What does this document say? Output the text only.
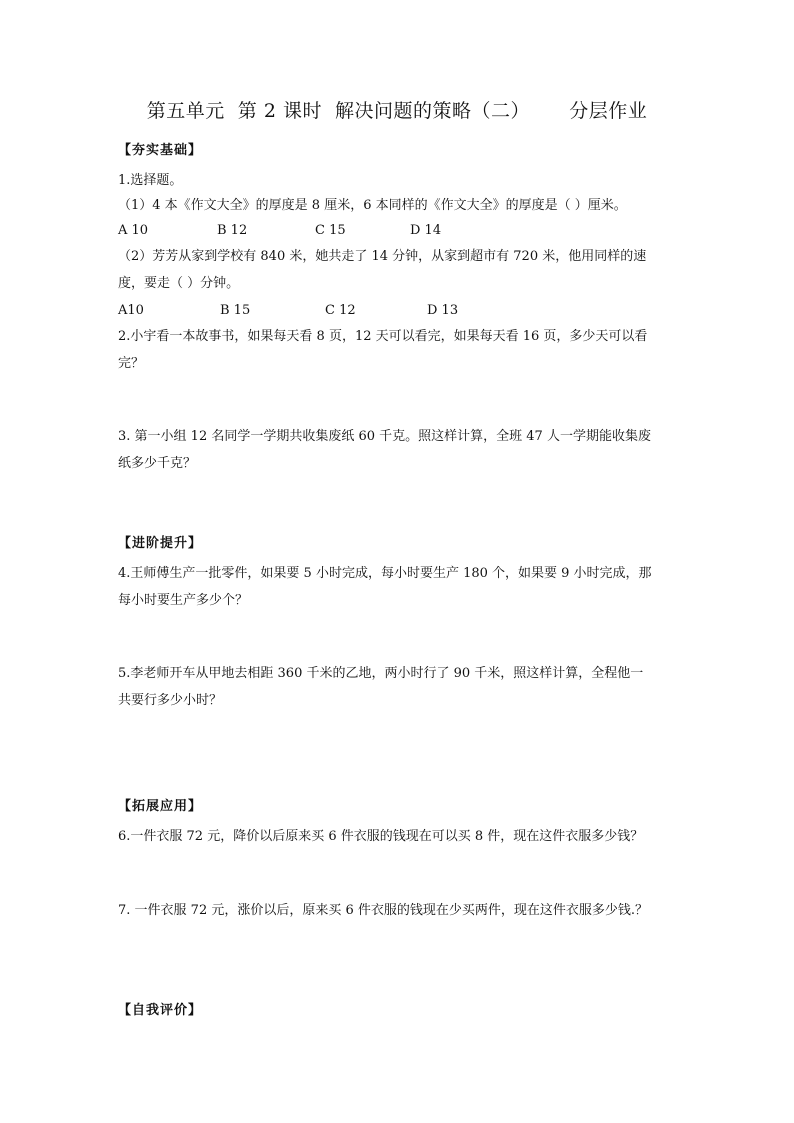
第五单元  第 2 课时  解决问题的策略（二）      分层作业
【夯实基础】
1.选择题。
（1）4 本《作文大全》的厚度是 8 厘米，6 本同样的《作文大全》的厚度是（ ）厘米。
A 10	B 12	C 15	D 14
（2）芳芳从家到学校有 840 米，她共走了 14 分钟，从家到超市有 720 米，他用同样的速
度，要走（ ）分钟。
A10	B 15	C 12	D 13
2.小宇看一本故事书，如果每天看 8 页，12 天可以看完，如果每天看 16 页，多少天可以看
完？
3. 第一小组 12 名同学一学期共收集废纸 60 千克。照这样计算，全班 47 人一学期能收集废
纸多少千克？
【进阶提升】
4.王师傅生产一批零件，如果要 5 小时完成，每小时要生产 180 个，如果要 9 小时完成，那
每小时要生产多少个？
5.李老师开车从甲地去相距 360 千米的乙地，两小时行了 90 千米，照这样计算，全程他一
共要行多少小时？
【拓展应用】
6.一件衣服 72 元，降价以后原来买 6 件衣服的钱现在可以买 8 件，现在这件衣服多少钱？
7. 一件衣服 72 元，涨价以后，原来买 6 件衣服的钱现在少买两件，现在这件衣服多少钱.？
【自我评价】
